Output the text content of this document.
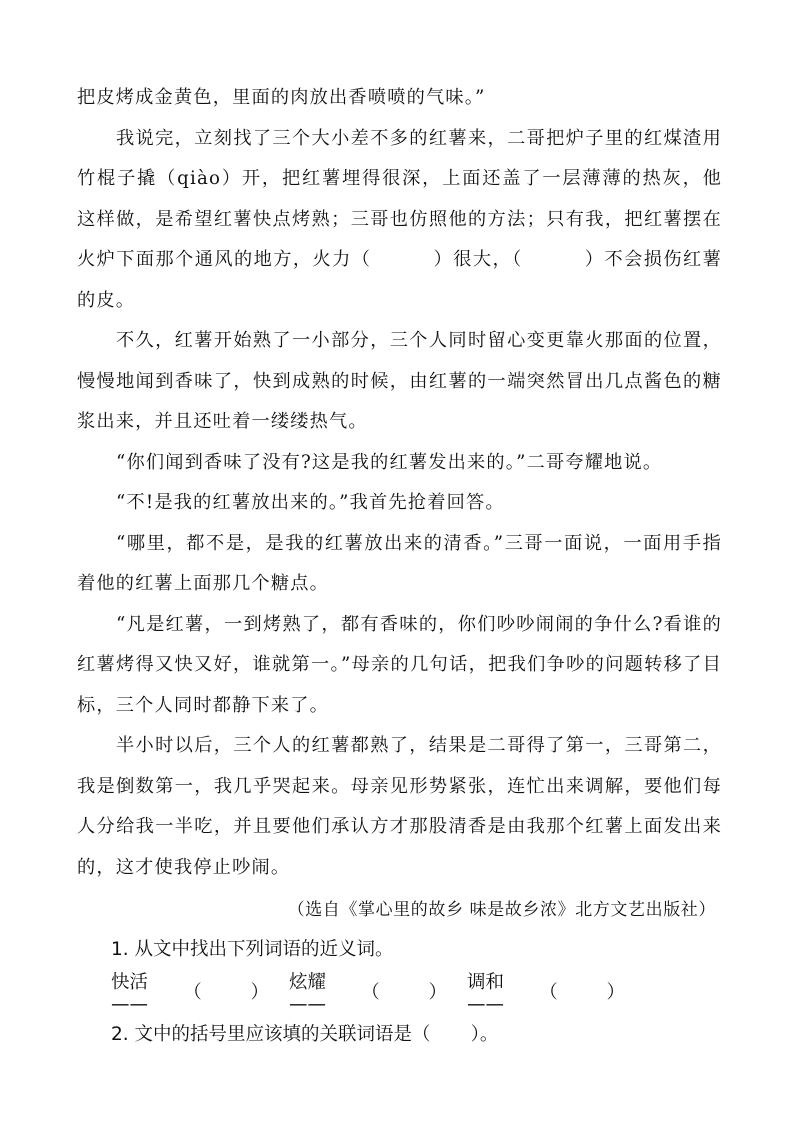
把皮烤成金黄色，里面的肉放出香喷喷的气味。”

我说完，立刻找了三个大小差不多的红薯来，二哥把炉子里的红煤渣用竹棍子撬（qiào）开，把红薯埋得很深，上面还盖了一层薄薄的热灰，他这样做，是希望红薯快点烤熟；三哥也仿照他的方法；只有我，把红薯摆在火炉下面那个通风的地方，火力（	）很大，（	）不会损伤红薯的皮。

不久，红薯开始熟了一小部分，三个人同时留心变更靠火那面的位置，慢慢地闻到香味了，快到成熟的时候，由红薯的一端突然冒出几点酱色的糖浆出来，并且还吐着一缕缕热气。

“你们闻到香味了没有?这是我的红薯发出来的。”二哥夸耀地说。

“不!是我的红薯放出来的。”我首先抢着回答。

“哪里，都不是，是我的红薯放出来的清香。”三哥一面说，一面用手指着他的红薯上面那几个糖点。

“凡是红薯，一到烤熟了，都有香味的，你们吵吵闹闹的争什么?看谁的红薯烤得又快又好，谁就第一。”母亲的几句话，把我们争吵的问题转移了目标，三个人同时都静下来了。

半小时以后，三个人的红薯都熟了，结果是二哥得了第一，三哥第二，我是倒数第一，我几乎哭起来。母亲见形势紧张，连忙出来调解，要他们每人分给我一半吃，并且要他们承认方才那股清香是由我那个红薯上面发出来的，这才使我停止吵闹。

（选自《掌心里的故乡 味是故乡浓》北方文艺出版社）

1. 从文中找出下列词语的近义词。

快活——
（	） 炫耀——
（	） 调和——
（	）
2. 文中的括号里应该填的关联词语是 （ ）。
